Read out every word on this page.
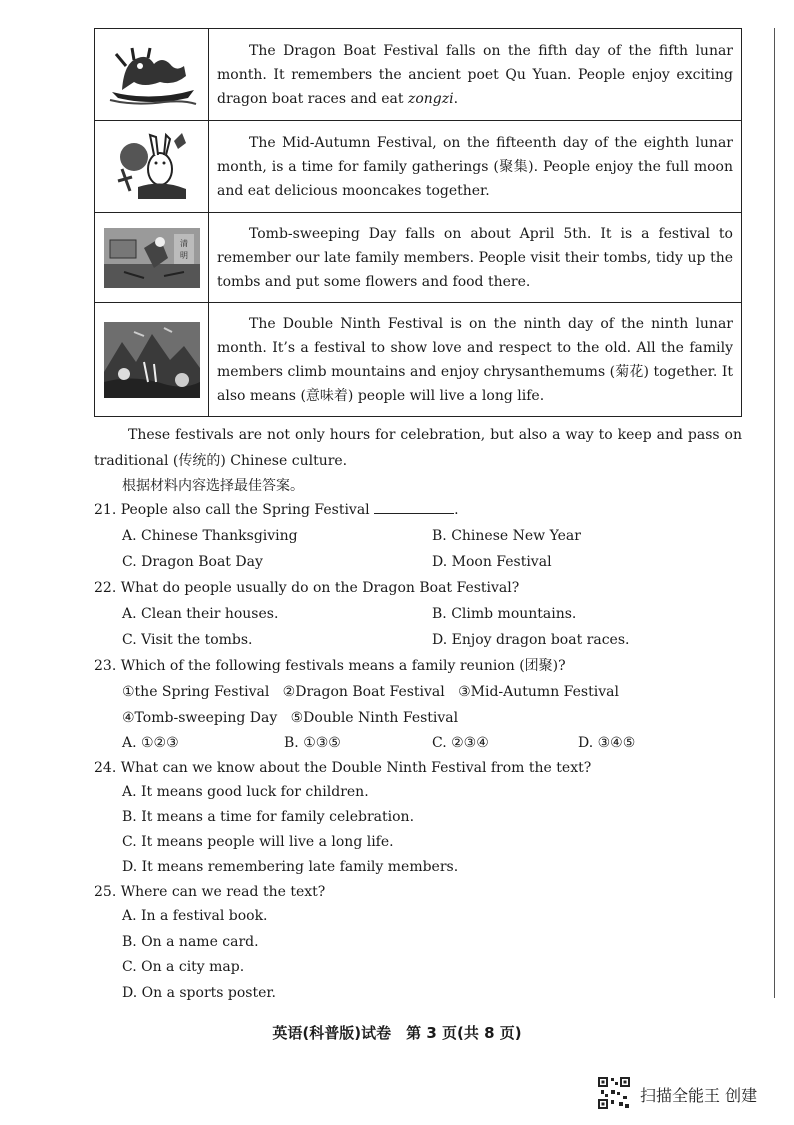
	The Dragon Boat Festival falls on the fifth day of the fifth lunar month. It remembers the ancient poet Qu Yuan. People enjoy exciting dragon boat races and eat zongzi.

	The Mid-Autumn Festival, on the fifteenth day of the eighth lunar month, is a time for family gatherings (聚集). People enjoy the full moon and eat delicious mooncakes together.

清
明	Tomb-sweeping Day falls on about April 5th. It is a festival to remember our late family members. People visit their tombs, tidy up the tombs and put some flowers and food there.

	The Double Ninth Festival is on the ninth day of the ninth lunar month. It’s a festival to show love and respect to the old. All the family members climb mountains and enjoy chrysanthemums (菊花) together. It also means (意味着) people will live a long life.
These festivals are not only hours for celebration, but also a way to keep and pass on traditional (传统的) Chinese culture.
根据材料内容选择最佳答案。
21. People also call the Spring Festival	.
A. Chinese Thanksgiving	B. Chinese New Year
C. Dragon Boat Day	D. Moon Festival
22. What do people usually do on the Dragon Boat Festival?
A. Clean their houses.	B. Climb mountains.
C. Visit the tombs.	D. Enjoy dragon boat races.
23. Which of the following festivals means a family reunion (团聚)?
①the Spring Festival   ②Dragon Boat Festival   ③Mid-Autumn Festival
④Tomb-sweeping Day   ⑤Double Ninth Festival
A. ①②③	B. ①③⑤	C. ②③④	D. ③④⑤
24. What can we know about the Double Ninth Festival from the text?
A. It means good luck for children.
B. It means a time for family celebration.
C. It means people will live a long life.
D. It means remembering late family members.
25. Where can we read the text?
A. In a festival book.
B. On a name card.
C. On a city map.
D. On a sports poster.
英语(科普版)试卷　第 3 页(共 8 页)
扫描全能王 创建
